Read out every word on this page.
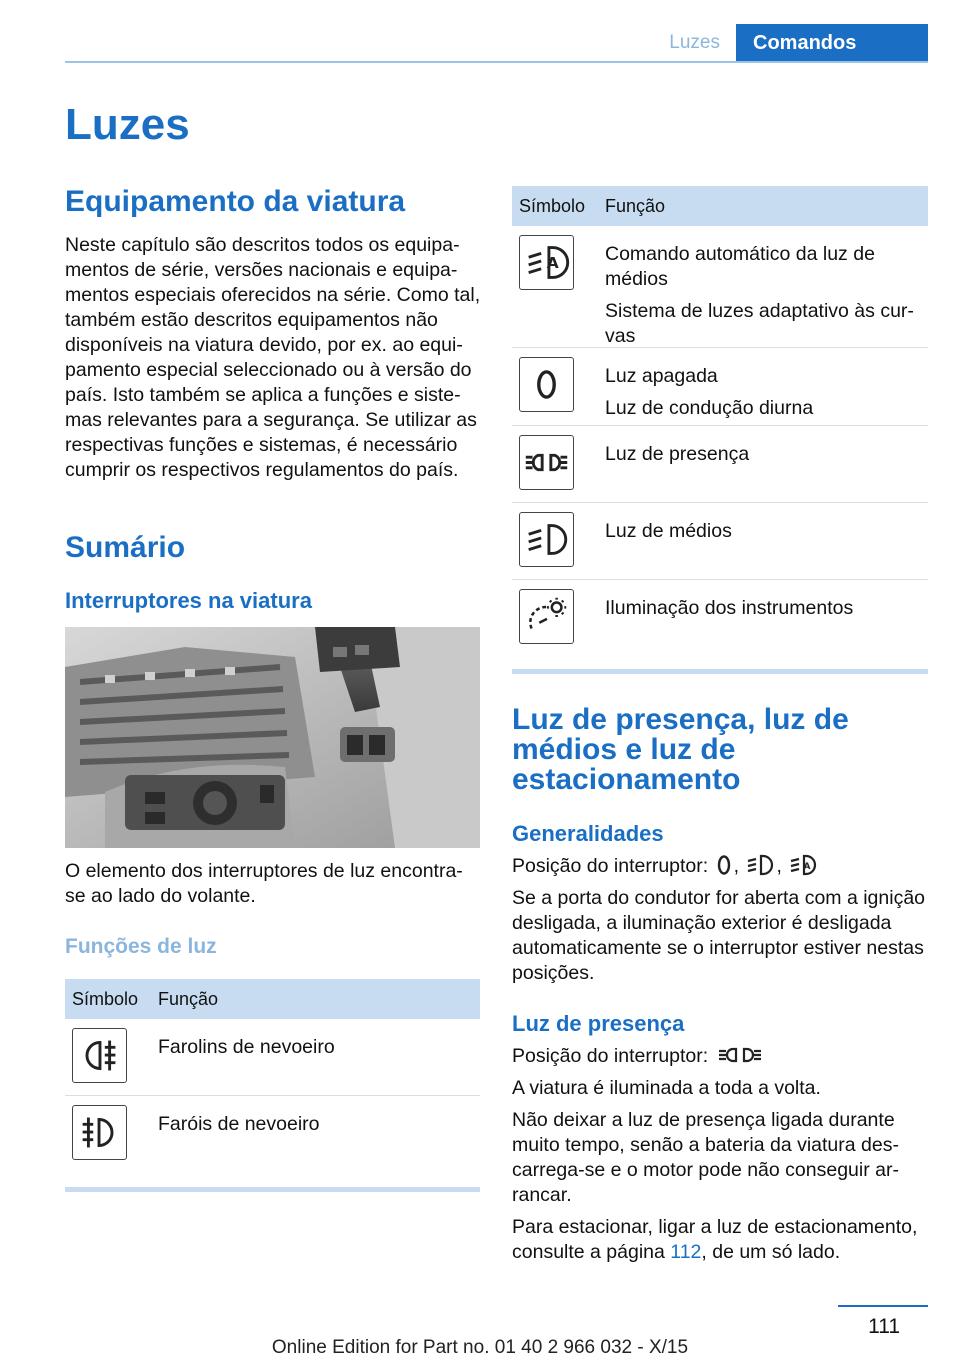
Luzes	Comandos
Luzes
Equipamento da viatura

Neste capítulo são descritos todos os equipamentos de série, versões nacionais e equipamentos especiais oferecidos na série. Como tal, também estão descritos equipamentos não disponíveis na viatura devido, por ex. ao equipamento especial seleccionado ou à versão do país. Isto também se aplica a funções e sistemas relevantes para a segurança. Se utilizar as respectivas funções e sistemas, é necessário cumprir os respectivos regulamentos do país.

Sumário
Interruptores na viatura

O elemento dos interruptores de luz encontra-se ao lado do volante.

Funções de luz
Símbolo Função

Farolins de nevoeiro

Faróis de nevoeiro

Símbolo Função
A Comando automático da luz de médios

Sistema de luzes adaptativo às curvas

Luz apagada

Luz de condução diurna

Luz de presença

Luz de médios

Iluminação dos instrumentos

Luz de presença, luz de médios e luz de estacionamento
Generalidades

Posição do interruptor: , , A

Se a porta do condutor for aberta com a ignição desligada, a iluminação exterior é desligada automaticamente se o interruptor estiver nestas posições.

Luz de presença

Posição do interruptor:

A viatura é iluminada a toda a volta.

Não deixar a luz de presença ligada durante muito tempo, senão a bateria da viatura descarrega-se e o motor pode não conseguir arrancar.

Para estacionar, ligar a luz de estacionamento, consulte a página 112, de um só lado.

111
Online Edition for Part no. 01 40 2 966 032 - X/15
